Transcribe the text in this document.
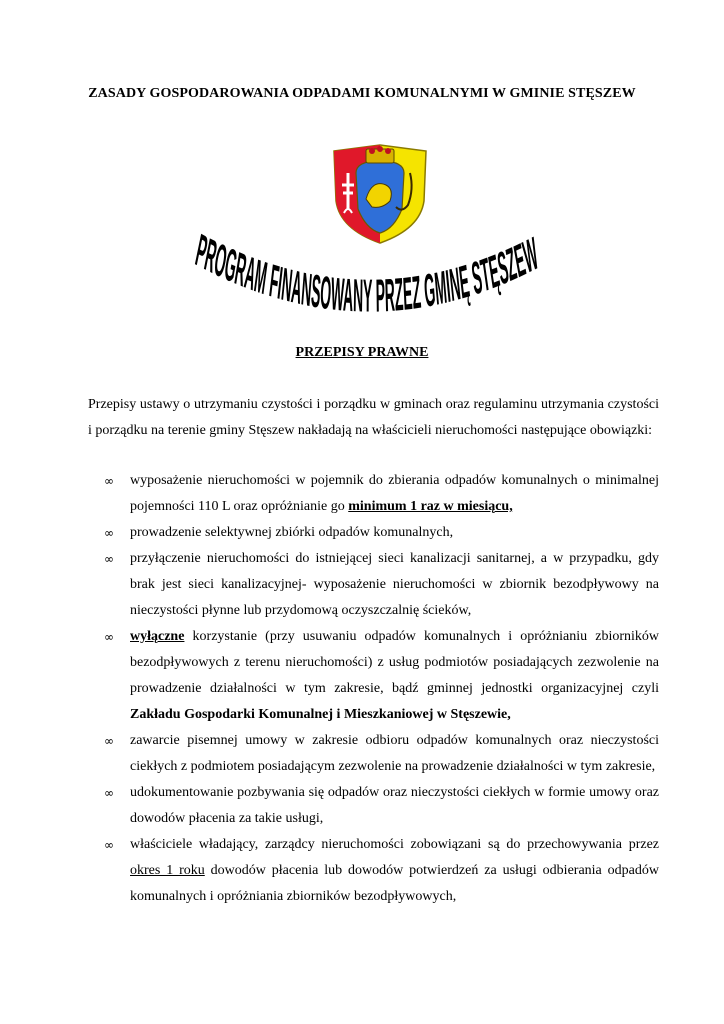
ZASADY GOSPODAROWANIA ODPADAMI KOMUNALNYMI W GMINIE STĘSZEW
PROGRAM FINANSOWANY PRZEZ GMINĘ STĘSZEW
PRZEPISY PRAWNE

Przepisy ustawy o utrzymaniu czystości i porządku w gminach oraz regulaminu utrzymania czystości i porządku na terenie gminy Stęszew nakładają na właścicieli nieruchomości następujące obowiązki:

∞ wyposażenie nieruchomości w pojemnik do zbierania odpadów komunalnych o minimalnej pojemności 110 L oraz opróżnianie go minimum 1 raz w miesiącu,
∞ prowadzenie selektywnej zbiórki odpadów komunalnych,
∞ przyłączenie nieruchomości do istniejącej sieci kanalizacji sanitarnej, a w przypadku, gdy brak jest sieci kanalizacyjnej- wyposażenie nieruchomości w zbiornik bezodpływowy na nieczystości płynne lub przydomową oczyszczalnię ścieków,
∞ wyłączne korzystanie (przy usuwaniu odpadów komunalnych i opróżnianiu zbiorników bezodpływowych z terenu nieruchomości) z usług podmiotów posiadających zezwolenie na prowadzenie działalności w tym zakresie, bądź gminnej jednostki organizacyjnej czyli Zakładu Gospodarki Komunalnej i Mieszkaniowej w Stęszewie,
∞ zawarcie pisemnej umowy w zakresie odbioru odpadów komunalnych oraz nieczystości ciekłych z podmiotem posiadającym zezwolenie na prowadzenie działalności w tym zakresie,
∞ udokumentowanie pozbywania się odpadów oraz nieczystości ciekłych w formie umowy oraz dowodów płacenia za takie usługi,
∞ właściciele władający, zarządcy nieruchomości zobowiązani są do przechowywania przez okres 1 roku dowodów płacenia lub dowodów potwierdzeń za usługi odbierania odpadów komunalnych i opróżniania zbiorników bezodpływowych,
